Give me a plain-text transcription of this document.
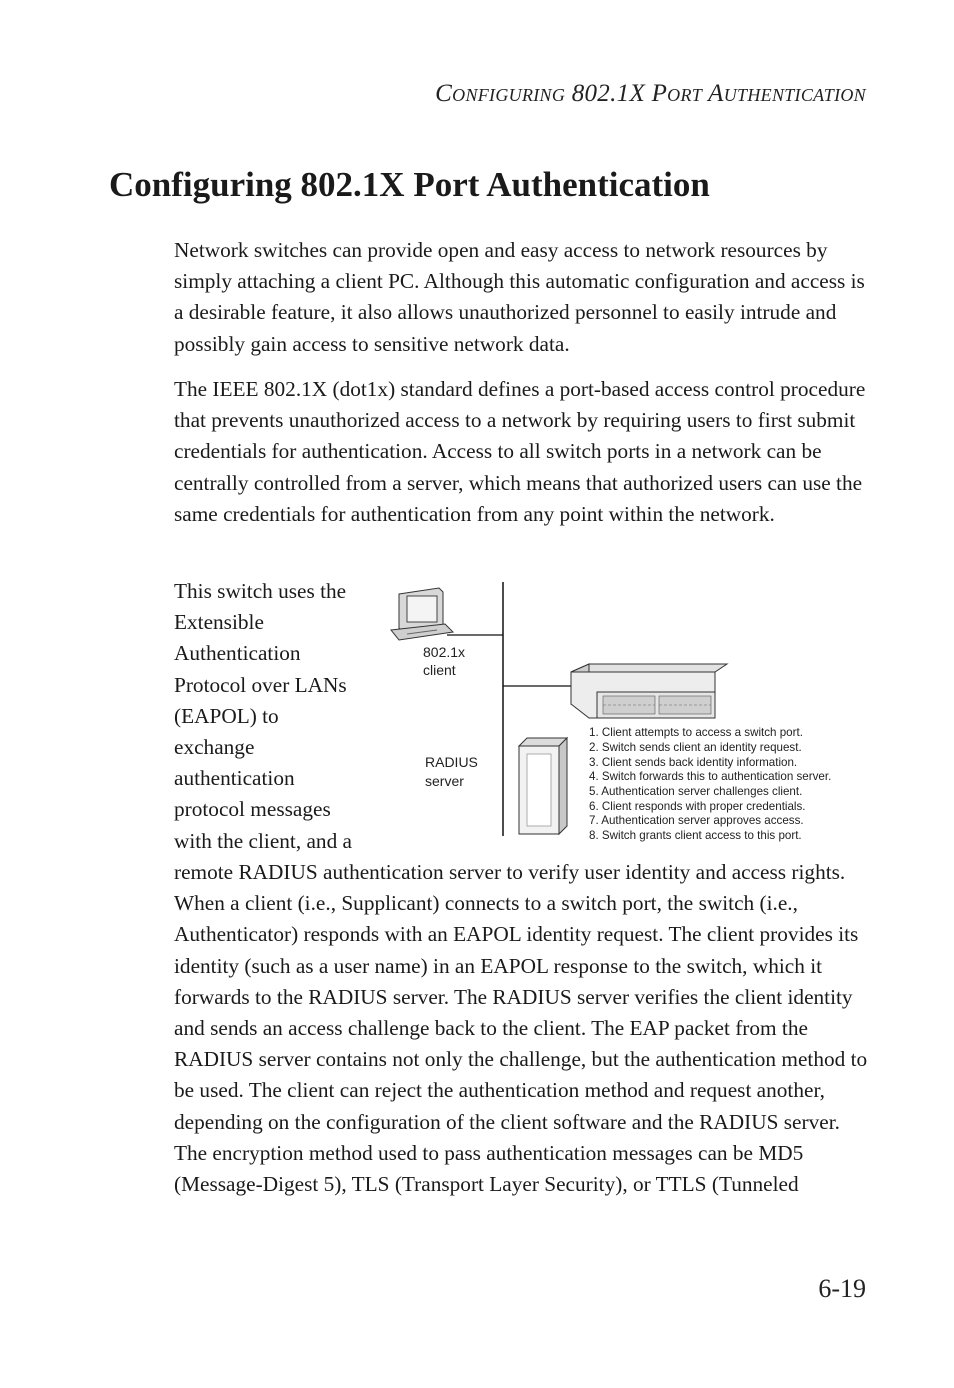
CONFIGURING 802.1X PORT AUTHENTICATION
Configuring 802.1X Port Authentication

Network switches can provide open and easy access to network resources by simply attaching a client PC. Although this automatic configuration and access is a desirable feature, it also allows unauthorized personnel to easily intrude and possibly gain access to sensitive network data.

The IEEE 802.1X (dot1x) standard defines a port-based access control procedure that prevents unauthorized access to a network by requiring users to first submit credentials for authentication. Access to all switch ports in a network can be centrally controlled from a server, which means that authorized users can use the same credentials for authentication from any point within the network.

This switch uses the
Extensible
Authentication
Protocol over LANs
(EAPOL) to
exchange
authentication
protocol messages
with the client, and a

remote RADIUS authentication server to verify user identity and access rights. When a client (i.e., Supplicant) connects to a switch port, the switch (i.e., Authenticator) responds with an EAPOL identity request. The client provides its identity (such as a user name) in an EAPOL response to the switch, which it forwards to the RADIUS server. The RADIUS server verifies the client identity and sends an access challenge back to the client. The EAP packet from the RADIUS server contains not only the challenge, but the authentication method to be used. The client can reject the authentication method and request another, depending on the configuration of the client software and the RADIUS server. The encryption method used to pass authentication messages can be MD5 (Message-Digest 5), TLS (Transport Layer Security), or TTLS (Tunneled

802.1x
client
RADIUS
server
1. Client attempts to access a switch port.
2. Switch sends client an identity request.
3. Client sends back identity information.
4. Switch forwards this to authentication server.
5. Authentication server challenges client.
6. Client responds with proper credentials.
7. Authentication server approves access.
8. Switch grants client access to this port.
6-19
